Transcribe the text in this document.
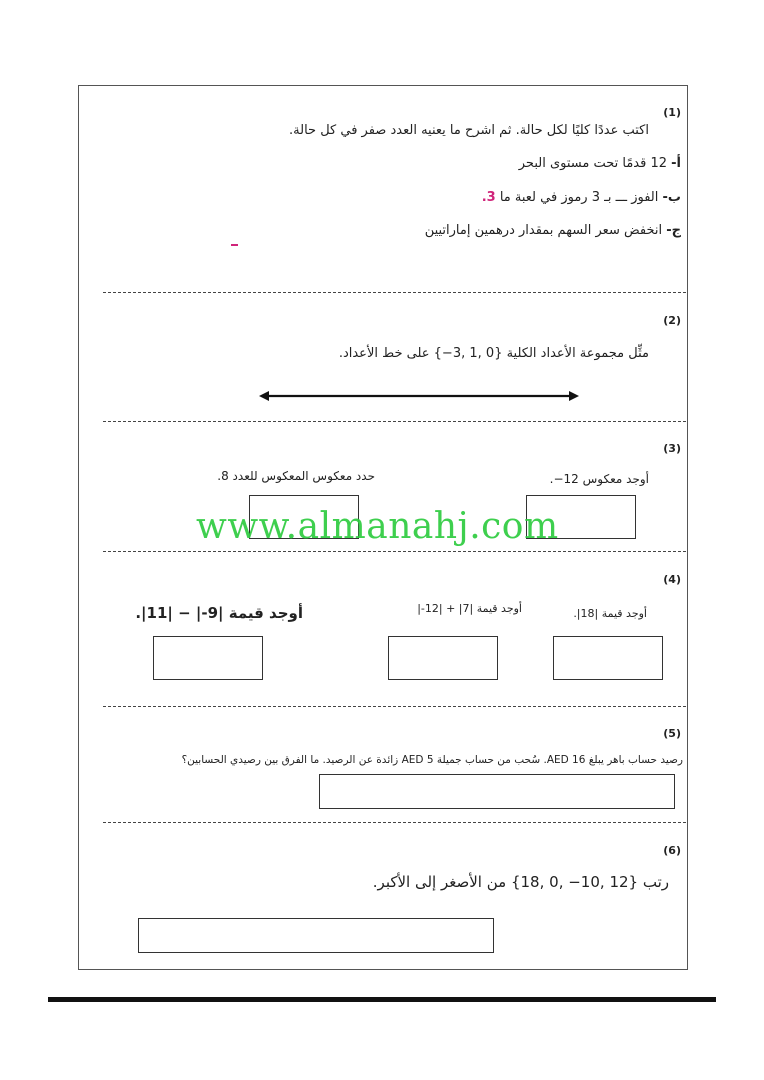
(1)
اكتب عددًا كليًا لكل حالة. ثم اشرح ما يعنيه العدد صفر في كل حالة.
أ- 12 قدمًا تحت مستوى البحر
ب- الفوز ـــ بـ 3 رموز في لعبة ما 3.
ج- انخفض سعر السهم بمقدار درهمين إماراتيين
(2)
مثِّل مجموعة الأعداد الكلية {0 ,1 ,3−} على خط الأعداد.
(3)
حدد معكوس المعكوس للعدد 8.	أوجد معكوس 12−.
(4)
أوجد قيمة |9-| − |11|.	أوجد قيمة |7| + |12-|	أوجد قيمة |18|.
(5)
رصيد حساب باهر يبلغ AED 16. سُحب من حساب جميلة AED 5 زائدة عن الرصيد. ما الفرق بين رصيدي الحسابين؟
(6)
رتب {12 ,10− ,0 ,18} من الأصغر إلى الأكبر.
www.almanahj.com
